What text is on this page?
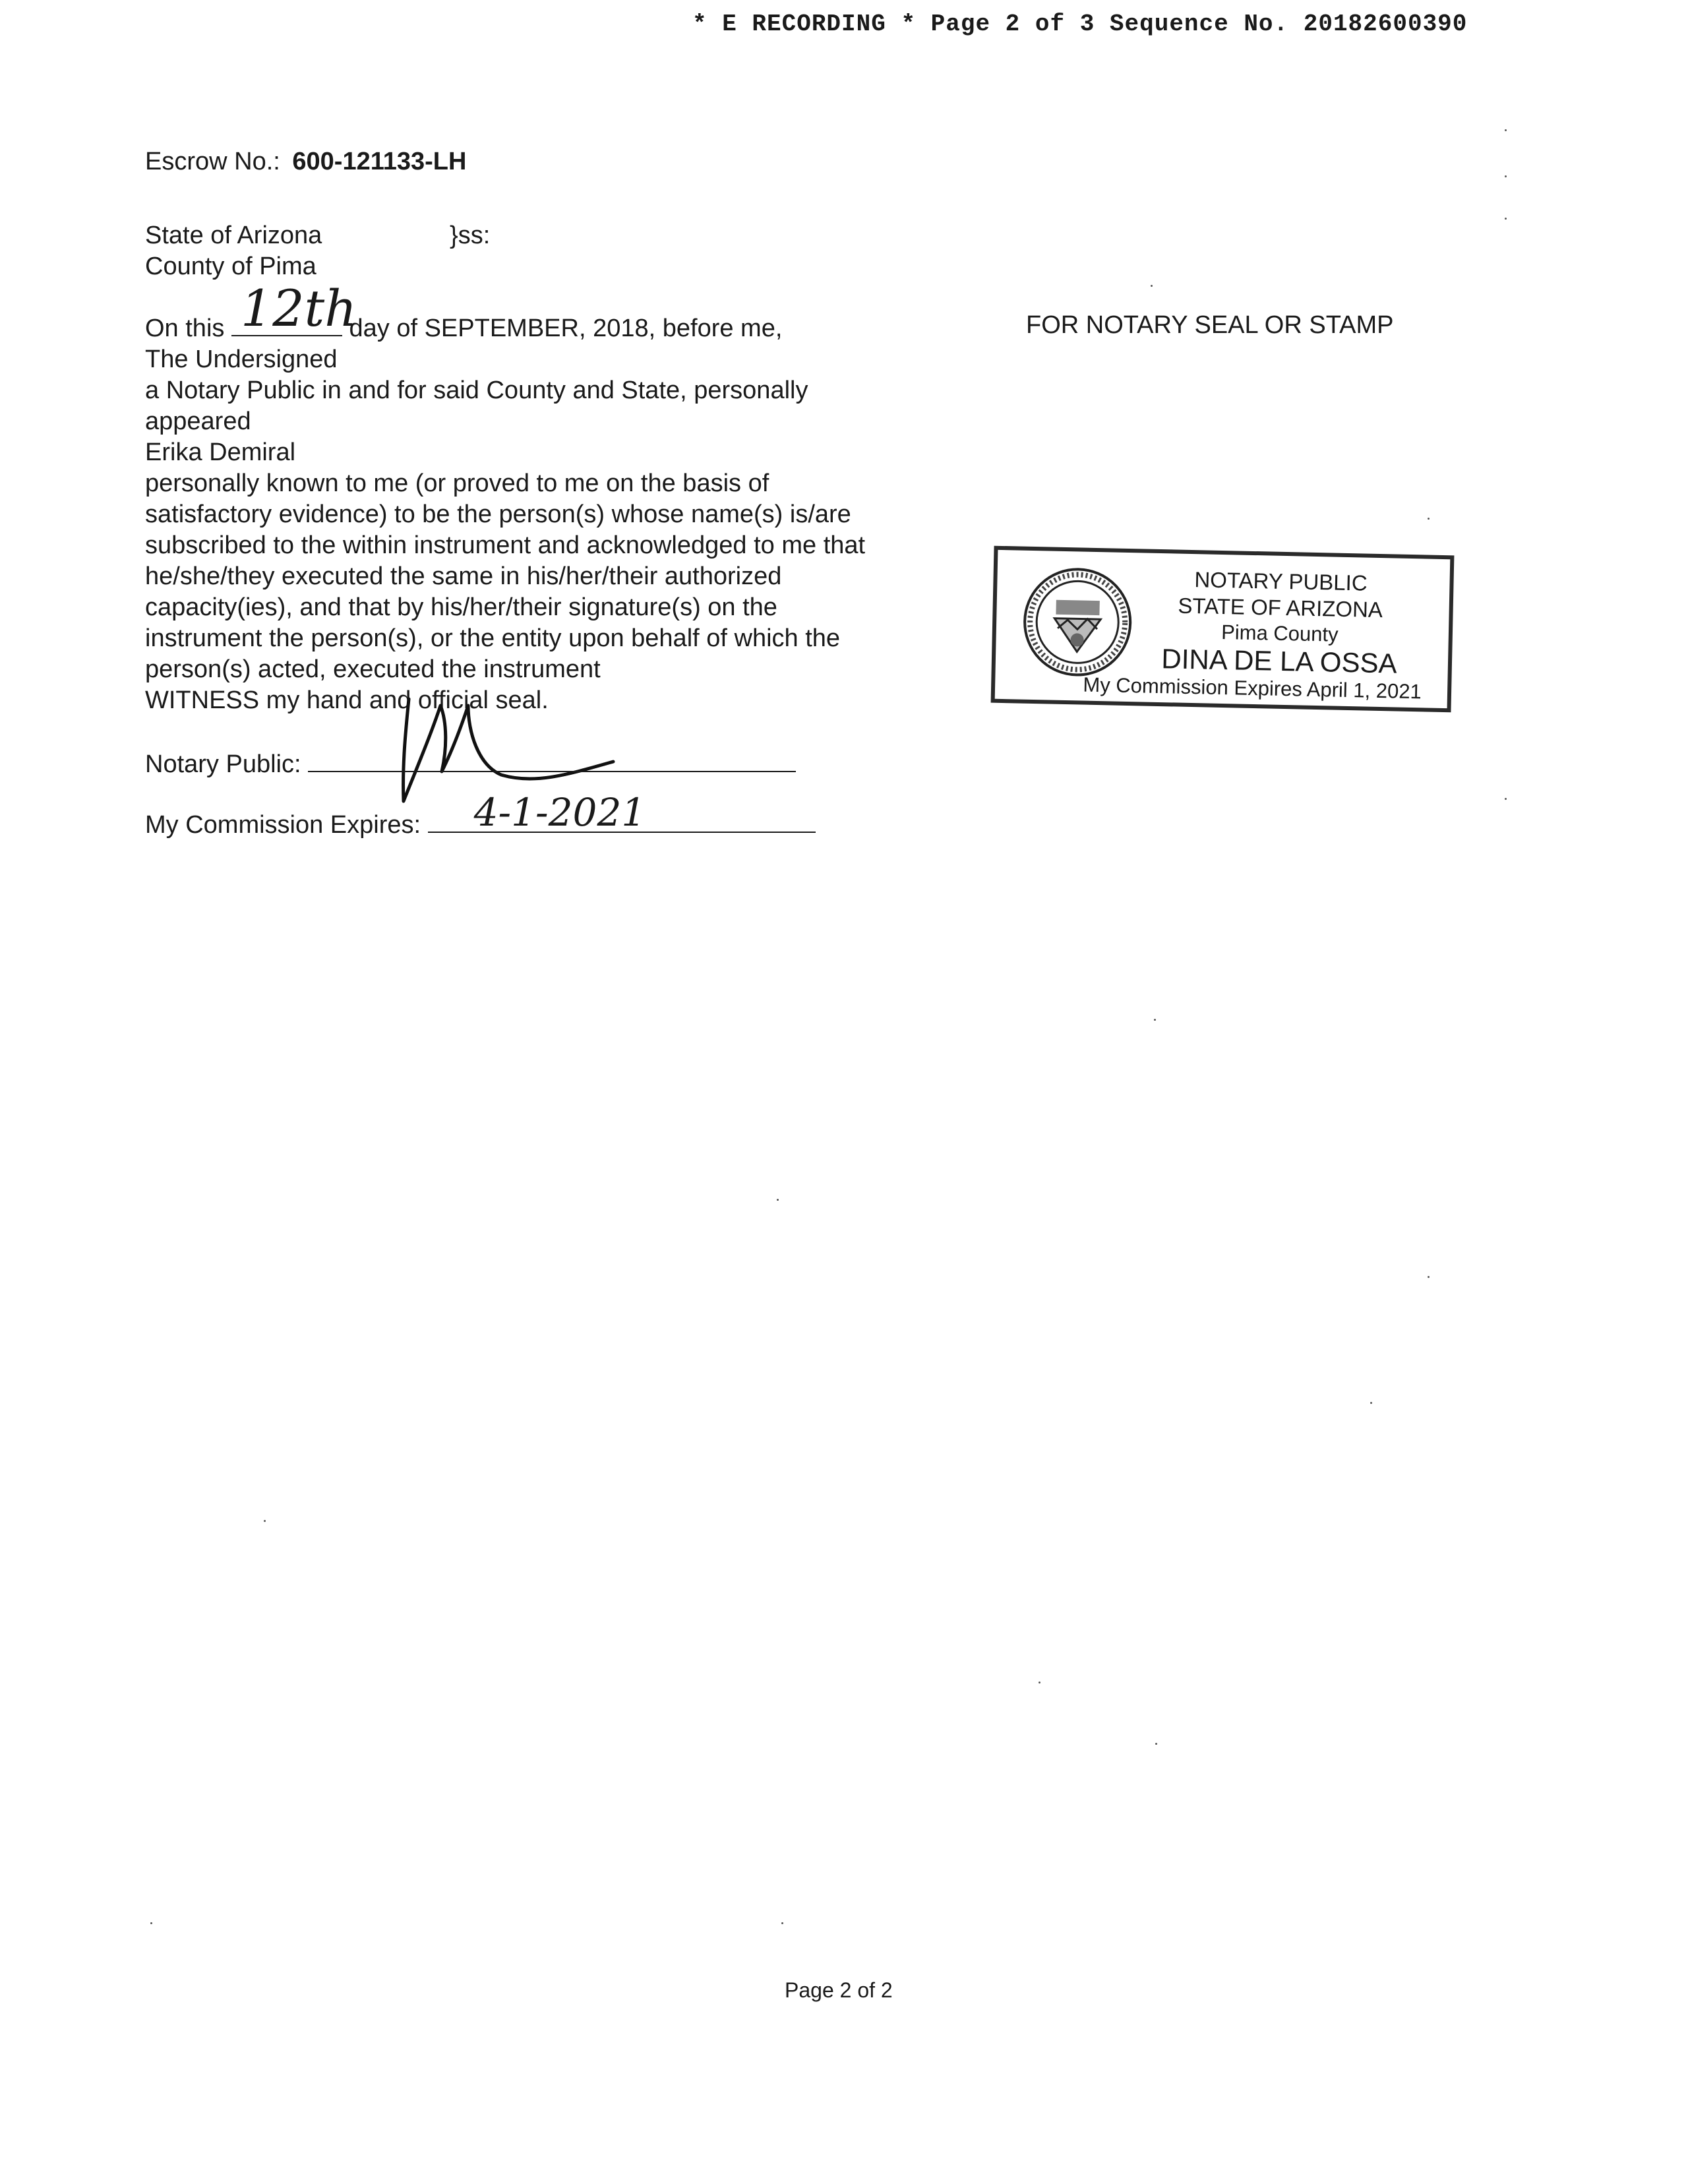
* E RECORDING * Page 2 of 3 Sequence No. 20182600390
Escrow No.: 600-121133-LH
State of Arizona	}ss:
County of Pima
On this 12th
day of SEPTEMBER, 2018, before me,
The Undersigned
a Notary Public in and for said County and State, personally
appeared
Erika Demiral
personally known to me (or proved to me on the basis of
satisfactory evidence) to be the person(s) whose name(s) is/are
subscribed to the within instrument and acknowledged to me that
he/she/they executed the same in his/her/their authorized
capacity(ies), and that by his/her/their signature(s) on the
instrument the person(s), or the entity upon behalf of which the
person(s) acted, executed the instrument
WITNESS my hand and official seal.
Notary Public:
My Commission Expires: 4-1-2021
FOR NOTARY SEAL OR STAMP
NOTARY PUBLIC
STATE OF ARIZONA
Pima County
DINA DE LA OSSA
My Commission Expires April 1, 2021
Page 2 of 2
